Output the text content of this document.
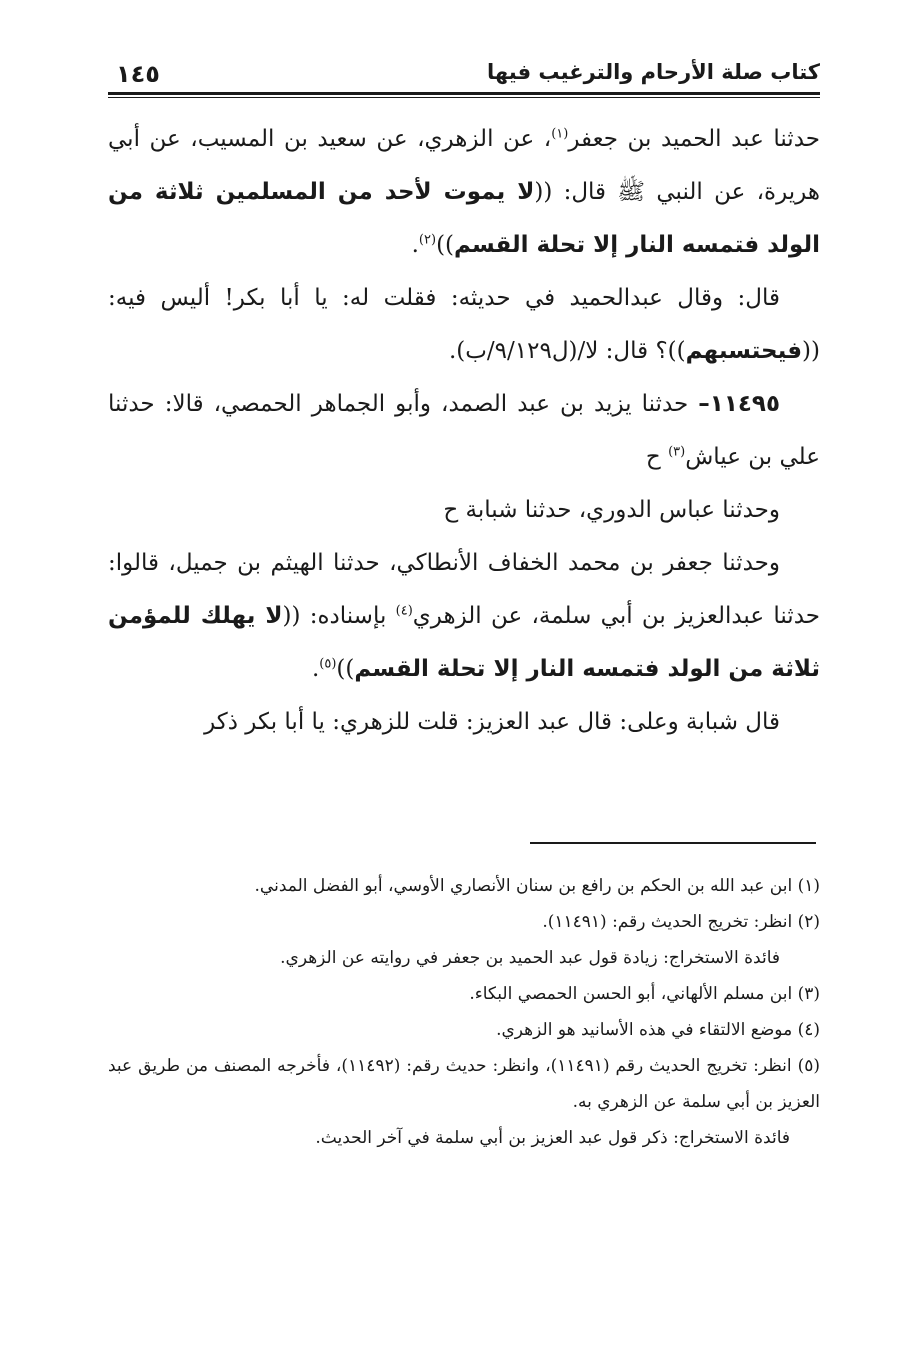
١٤٥	كتاب صلة الأرحام والترغيب فيها

حدثنا عبد الحميد بن جعفر$^{(١)}$، عن الزهري، عن سعيد بن المسيب، عن أبي هريرة، عن النبي ﷺ قال: ((لا يموت لأحد من المسلمين ثلاثة من الولد فتمسه النار إلا تحلة القسم))$^{(٢)}$.

قال: وقال عبدالحميد في حديثه: فقلت له: يا أبا بكر! أليس فيه: ((فيحتسبهم))؟ قال: لا/(ل٩/١٢٩/ب).

١١٤٩٥– حدثنا يزيد بن عبد الصمد، وأبو الجماهر الحمصي، قالا: حدثنا علي بن عياش$^{(٣)}$ ح

وحدثنا عباس الدوري، حدثنا شبابة ح

وحدثنا جعفر بن محمد الخفاف الأنطاكي، حدثنا الهيثم بن جميل، قالوا: حدثنا عبدالعزيز بن أبي سلمة، عن الزهري$^{(٤)}$ بإسناده: ((لا يهلك للمؤمن ثلاثة من الولد فتمسه النار إلا تحلة القسم))$^{(٥)}$.

قال شبابة وعلى: قال عبد العزيز: قلت للزهري: يا أبا بكر ذكر

(١) ابن عبد الله بن الحكم بن رافع بن سنان الأنصاري الأوسي، أبو الفضل المدني.

(٢) انظر: تخريج الحديث رقم: (١١٤٩١).

فائدة الاستخراج: زيادة قول عبد الحميد بن جعفر في روايته عن الزهري.

(٣) ابن مسلم الألهاني، أبو الحسن الحمصي البكاء.

(٤) موضع الالتقاء في هذه الأسانيد هو الزهري.

(٥) انظر: تخريج الحديث رقم (١١٤٩١)، وانظر: حديث رقم: (١١٤٩٢)، فأخرجه المصنف من طريق عبد العزيز بن أبي سلمة عن الزهري به.

فائدة الاستخراج: ذكر قول عبد العزيز بن أبي سلمة في آخر الحديث.
